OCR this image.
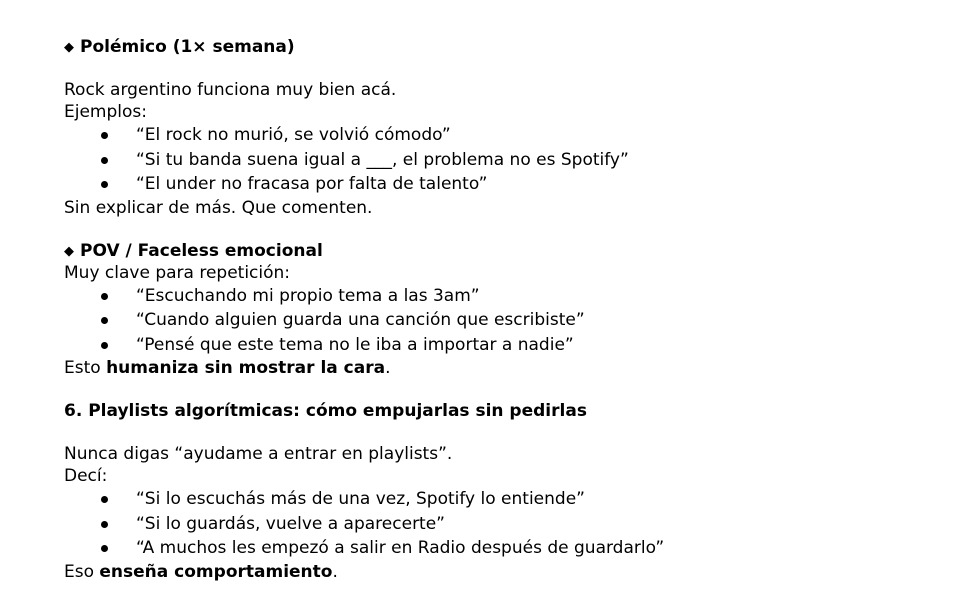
◆ Polémico (1× semana)
Rock argentino funciona muy bien acá.
Ejemplos:
“El rock no murió, se volvió cómodo”
“Si tu banda suena igual a ___, el problema no es Spotify”
“El under no fracasa por falta de talento”
Sin explicar de más. Que comenten.
◆ POV / Faceless emocional
Muy clave para repetición:
“Escuchando mi propio tema a las 3am”
“Cuando alguien guarda una canción que escribiste”
“Pensé que este tema no le iba a importar a nadie”
Esto humaniza sin mostrar la cara.
6. Playlists algorítmicas: cómo empujarlas sin pedirlas
Nunca digas “ayudame a entrar en playlists”.
Decí:
“Si lo escuchás más de una vez, Spotify lo entiende”
“Si lo guardás, vuelve a aparecerte”
“A muchos les empezó a salir en Radio después de guardarlo”
Eso enseña comportamiento.
